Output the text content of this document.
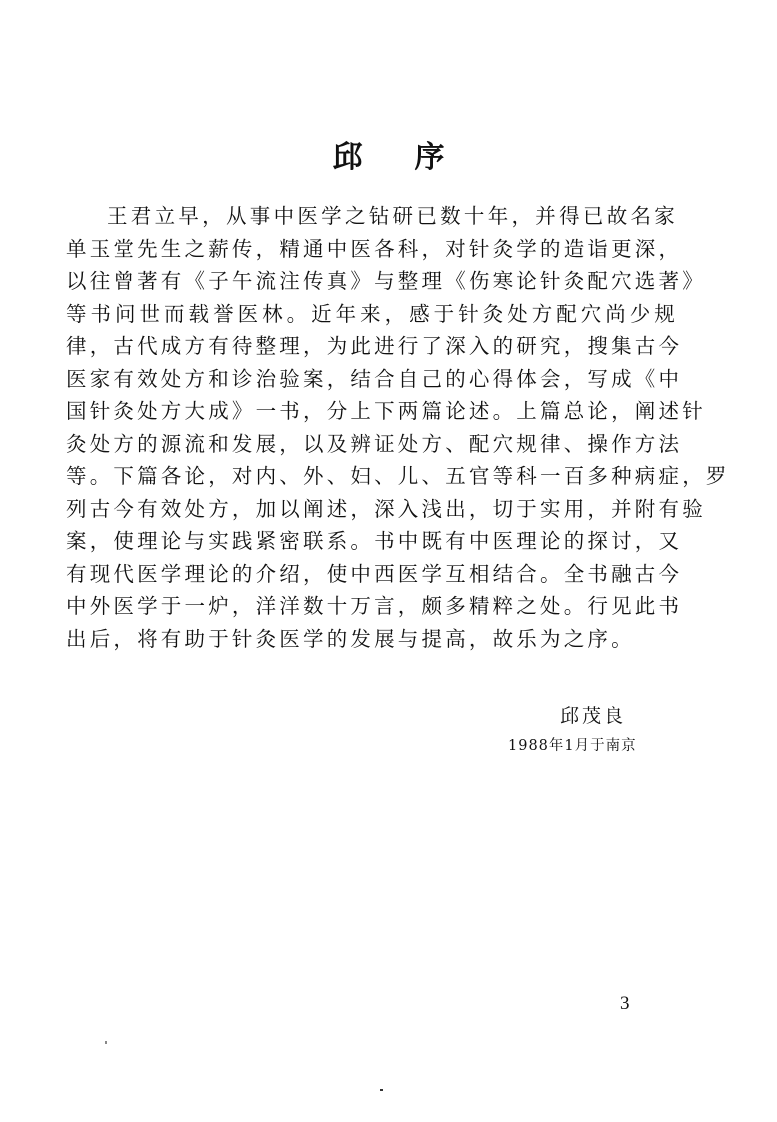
邱 序
王君立早，从事中医学之钻研已数十年，并得已故名家
单玉堂先生之薪传，精通中医各科，对针灸学的造诣更深，
以往曾著有《子午流注传真》与整理《伤寒论针灸配穴选著》
等书问世而载誉医林。近年来，感于针灸处方配穴尚少规
律，古代成方有待整理，为此进行了深入的研究，搜集古今
医家有效处方和诊治验案，结合自己的心得体会，写成《中
国针灸处方大成》一书，分上下两篇论述。上篇总论，阐述针
灸处方的源流和发展，以及辨证处方、配穴规律、操作方法
等。下篇各论，对内、外、妇、儿、五官等科一百多种病症，罗
列古今有效处方，加以阐述，深入浅出，切于实用，并附有验
案，使理论与实践紧密联系。书中既有中医理论的探讨，又
有现代医学理论的介绍，使中西医学互相结合。全书融古今
中外医学于一炉，洋洋数十万言，颇多精粹之处。行见此书
出后，将有助于针灸医学的发展与提高，故乐为之序。
邱茂良
1988年1月于南京
3
